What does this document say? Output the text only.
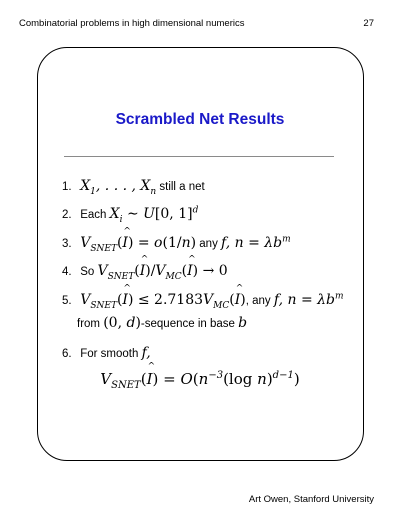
Combinatorial problems in high dimensional numerics	27
Scrambled Net Results
1. $X_1$, . . . , $X_n$ still a net
2. Each $X_i$ ∼ U[0, 1]$^d$
3. $V_{SNET}(\^{}$ I) = o(1/n) any f, $n = \lambda b^m$
4. So $V_{SNET}(\^{}$ $I)/V_{MC}(\^{}$ I) → 0
5. $V_{SNET}(\^{}$ $I) \le 2.7183V_{MC}(\^{}$ I), any f, $n = \lambda b^m$
from (0, d)-sequence in base b
6. For smooth f,
$V_{SNET}(\^{}$ $I) = O(n^{-3}(\log$ n)$^{d-1}$)
Art Owen, Stanford University
